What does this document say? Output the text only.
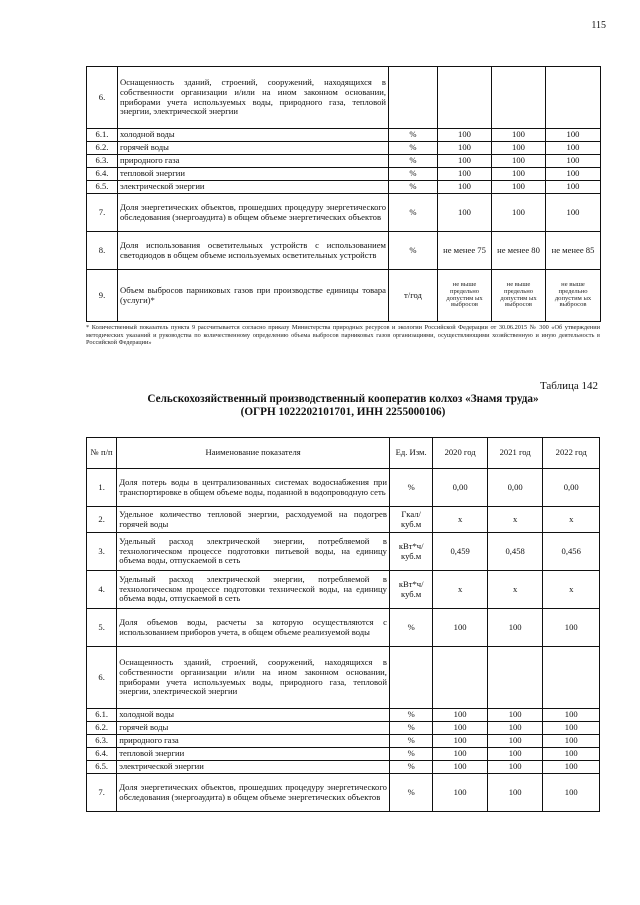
115
6.	Оснащенность зданий, строений, сооружений, находящихся в собственности организации и/или на ином законном основании, приборами учета используемых воды, природного газа, тепловой энергии, электрической энергии				
6.1.	холодной воды	%	100	100	100
6.2.	горячей воды	%	100	100	100
6.3.	природного газа	%	100	100	100
6.4.	тепловой энергии	%	100	100	100
6.5.	электрической энергии	%	100	100	100
7.	Доля энергетических объектов, прошедших процедуру энергетического обследования (энергоаудита) в общем объеме энергетических объектов	%	100	100	100
8.	Доля использования осветительных устройств с использованием светодиодов в общем объеме используемых осветительных устройств	%	не менее 75	не менее 80	не менее 85
9.	Объем выбросов парниковых газов при производстве единицы товара (услуги)*	т/год	не выше предельно допустим ых выбросов	не выше предельно допустим ых выбросов	не выше предельно допустим ых выбросов
* Количественный показатель пункта 9 рассчитывается согласно приказу Министерства природных ресурсов и экологии Российской Федерации от 30.06.2015 № 300 «Об утверждении методических указаний и руководства по количественному определению объема выбросов парниковых газов организациями, осуществляющими хозяйственную и иную деятельность в Российской Федерации»
Таблица 142
Сельскохозяйственный производственный кооператив колхоз «Знамя труда»
(ОГРН 1022202101701, ИНН 2255000106)
№ п/п	Наименование показателя	Ед. Изм.	2020 год	2021 год	2022 год
1.	Доля потерь воды в централизованных системах водоснабжения при транспортировке в общем объеме воды, поданной в водопроводную сеть	%	0,00	0,00	0,00
2.	Удельное количество тепловой энергии, расходуемой на подогрев горячей воды	Гкал/ куб.м	х	х	х
3.	Удельный расход электрической энергии, потребляемой в технологическом процессе подготовки питьевой воды, на единицу объема воды, отпускаемой в сеть	кВт*ч/ куб.м	0,459	0,458	0,456
4.	Удельный расход электрической энергии, потребляемой в технологическом процессе подготовки технической воды, на единицу объема воды, отпускаемой в сеть	кВт*ч/ куб.м	х	х	х
5.	Доля объемов воды, расчеты за которую осуществляются с использованием приборов учета, в общем объеме реализуемой воды	%	100	100	100
6.	Оснащенность зданий, строений, сооружений, находящихся в собственности организации и/или на ином законном основании, приборами учета используемых воды, природного газа, тепловой энергии, электрической энергии				
6.1.	холодной воды	%	100	100	100
6.2.	горячей воды	%	100	100	100
6.3.	природного газа	%	100	100	100
6.4.	тепловой энергии	%	100	100	100
6.5.	электрической энергии	%	100	100	100
7.	Доля энергетических объектов, прошедших процедуру энергетического обследования (энергоаудита) в общем объеме энергетических объектов	%	100	100	100
